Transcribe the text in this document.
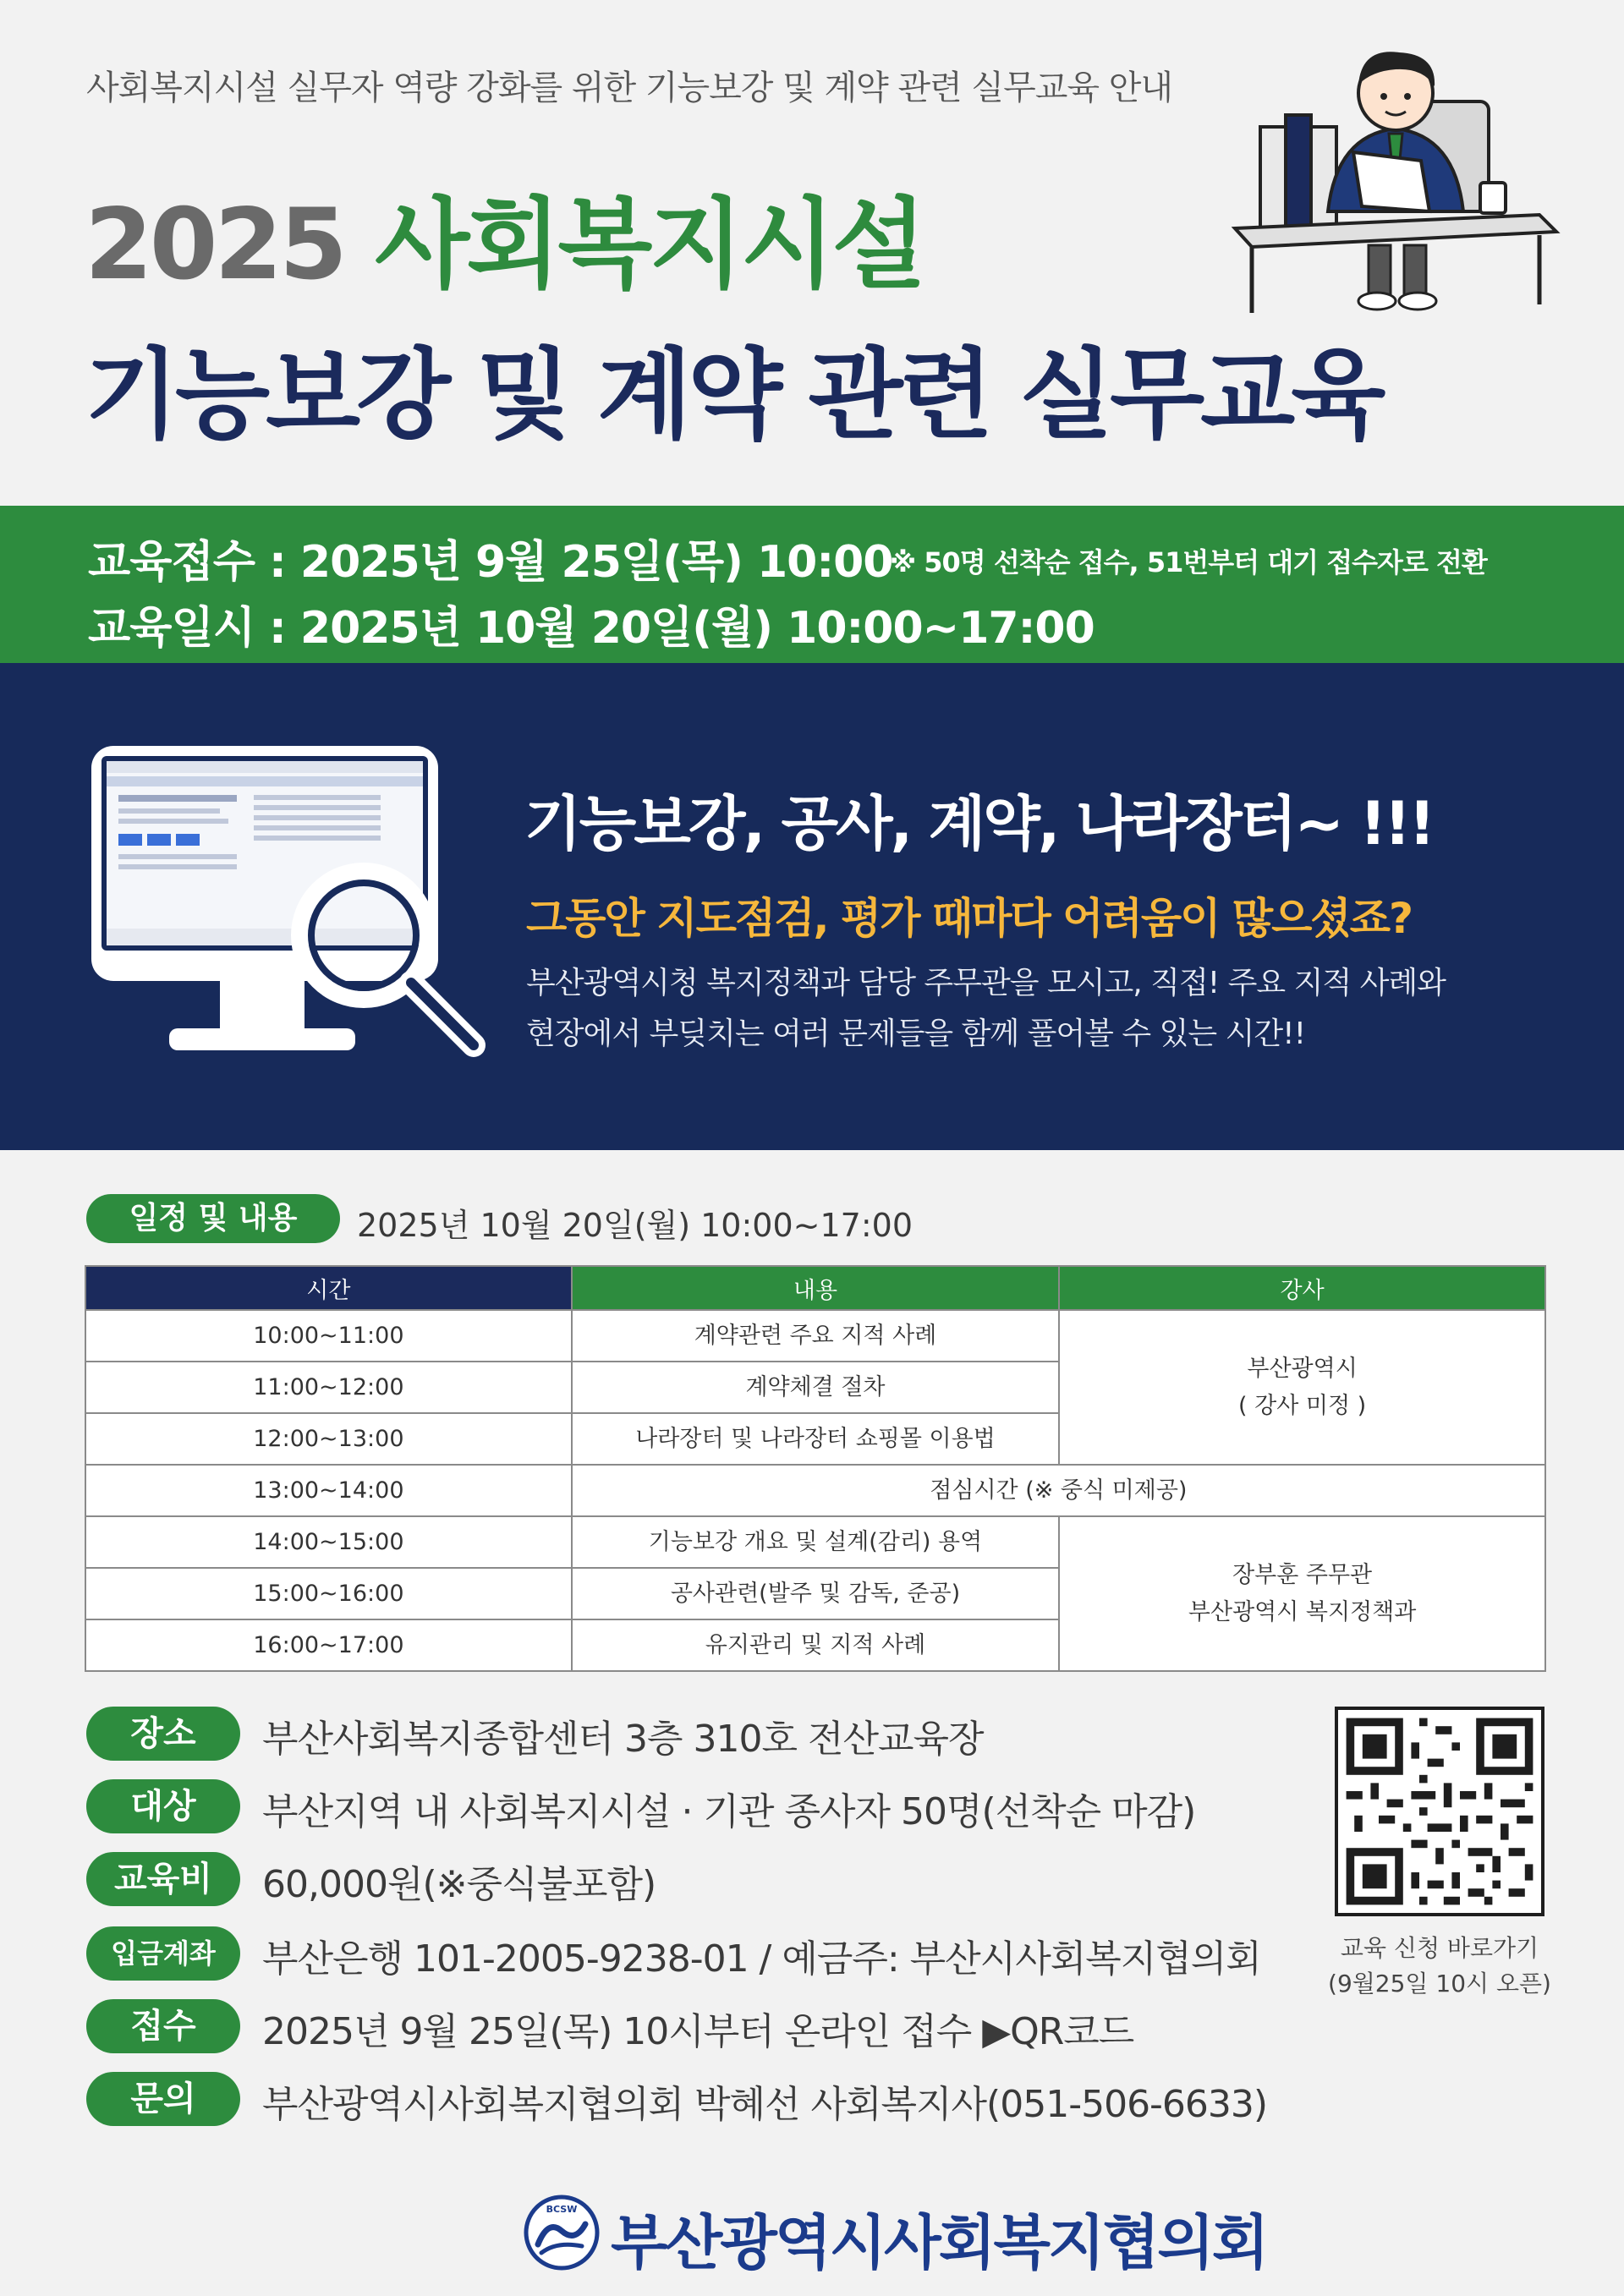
사회복지시설 실무자 역량 강화를 위한 기능보강 및 계약 관련 실무교육 안내
2025 사회복지시설
기능보강 및 계약 관련 실무교육
교육접수 : 2025년 9월 25일(목) 10:00
※ 50명 선착순 접수, 51번부터 대기 접수자로 전환
교육일시 : 2025년 10월 20일(월) 10:00~17:00
기능보강, 공사, 계약, 나라장터~ !!!
그동안 지도점검, 평가 때마다 어려움이 많으셨죠?
부산광역시청 복지정책과 담당 주무관을 모시고, 직접! 주요 지적 사례와
현장에서 부딪치는 여러 문제들을 함께 풀어볼 수 있는 시간!!
일정 및 내용	2025년 10월 20일(월) 10:00~17:00
시간	내용	강사
10:00~11:00	계약관련 주요 지적 사례	부산광역시
( 강사 미정 )

11:00~12:00	계약체결 절차	
12:00~13:00	나라장터 및 나라장터 쇼핑몰 이용법	
13:00~14:00	점심시간 (※ 중식 미제공)	
14:00~15:00	기능보강 개요 및 설계(감리) 용역	장부훈 주무관
부산광역시 복지정책과

15:00~16:00	공사관련(발주 및 감독, 준공)	
16:00~17:00	유지관리 및 지적 사례	
장소	부산사회복지종합센터 3층 310호 전산교육장
대상	부산지역 내 사회복지시설 · 기관 종사자 50명(선착순 마감)
교육비	60,000원(※중식불포함)
입금계좌	부산은행 101-2005-9238-01 / 예금주: 부산시사회복지협의회
접수	2025년 9월 25일(목) 10시부터 온라인 접수 ▶QR코드
문의	부산광역시사회복지협의회 박혜선 사회복지사(051-506-6633)
교육 신청 바로가기
(9월25일 10시 오픈)
BCSW 부산광역시사회복지협의회
